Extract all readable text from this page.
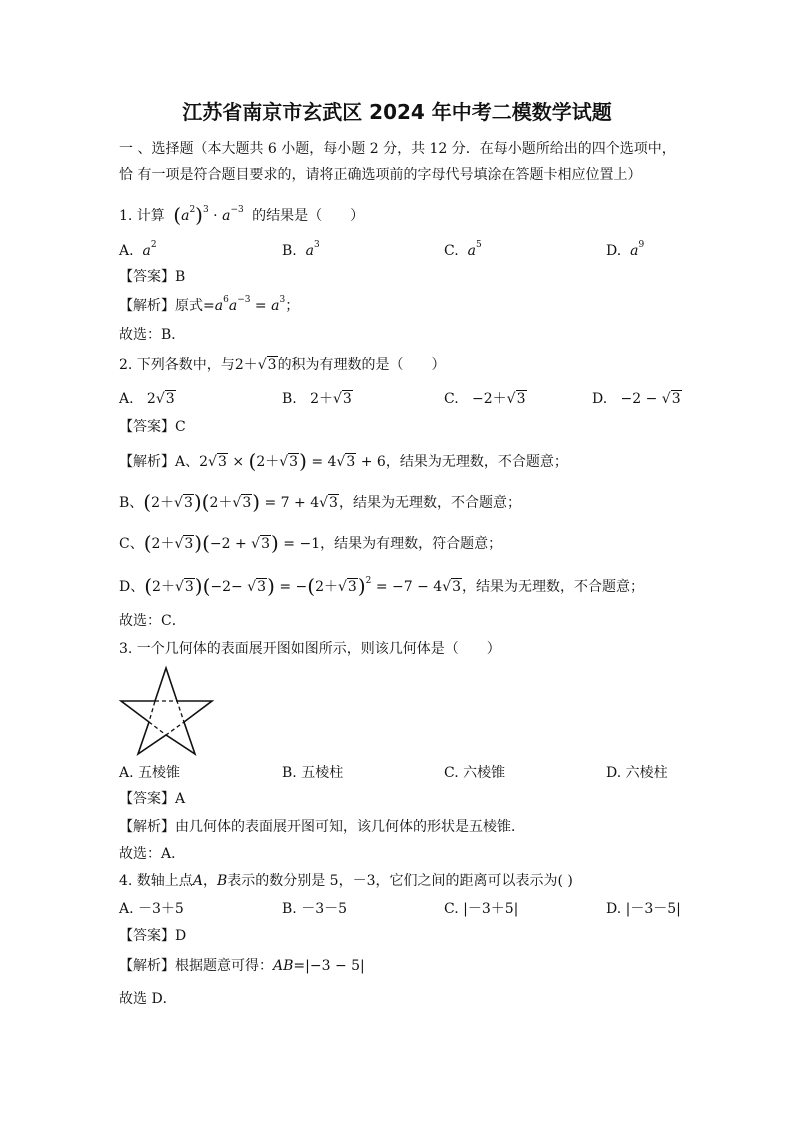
江苏省南京市玄武区 2024 年中考二模数学试题
一 、选择题（本大题共 6 小题，每小题 2 分，共 12 分．在每小题所给出的四个选项中，
恰 有一项是符合题目要求的，请将正确选项前的字母代号填涂在答题卡相应位置上）
1. 计算 $(a^2)^3 \cdot a^{-3}$ 的结果是（　　）
A. $a^2$	B. $a^3$	C. $a^5$	D. $a^9$
【答案】B
【解析】原式$=a^6a^{-3} = a^3$；
故选：B．
2. 下列各数中，与2＋√3的积为有理数的是（　　）
A.   2√3	B.   2＋√3	C.   −2＋√3	D.   −2 − √3
【答案】C
【解析】A、2√3 × (2＋√3) = 4√3 + 6，结果为无理数，不合题意；
B、(2＋√3)(2＋√3) = 7 + 4√3，结果为无理数，不合题意；
C、(2＋√3)(−2 + √3) = −1，结果为有理数，符合题意；
D、$(2+√3)(-2- √3) = -(2+√3)^2 = -7 - 4√3$，结果为无理数，不合题意；
故选：C．
3. 一个几何体的表面展开图如图所示，则该几何体是（　　）
A. 五棱锥	B. 五棱柱	C. 六棱锥	D. 六棱柱
【答案】A
【解析】由几何体的表面展开图可知，该几何体的形状是五棱锥．
故选：A．
4. 数轴上点A，B表示的数分别是 5，－3，它们之间的距离可以表示为( )
A. －3＋5	B. －3－5	C. |－3＋5|	D. |－3－5|
【答案】D
【解析】根据题意可得：AB=|−3 − 5|
故选 D．
